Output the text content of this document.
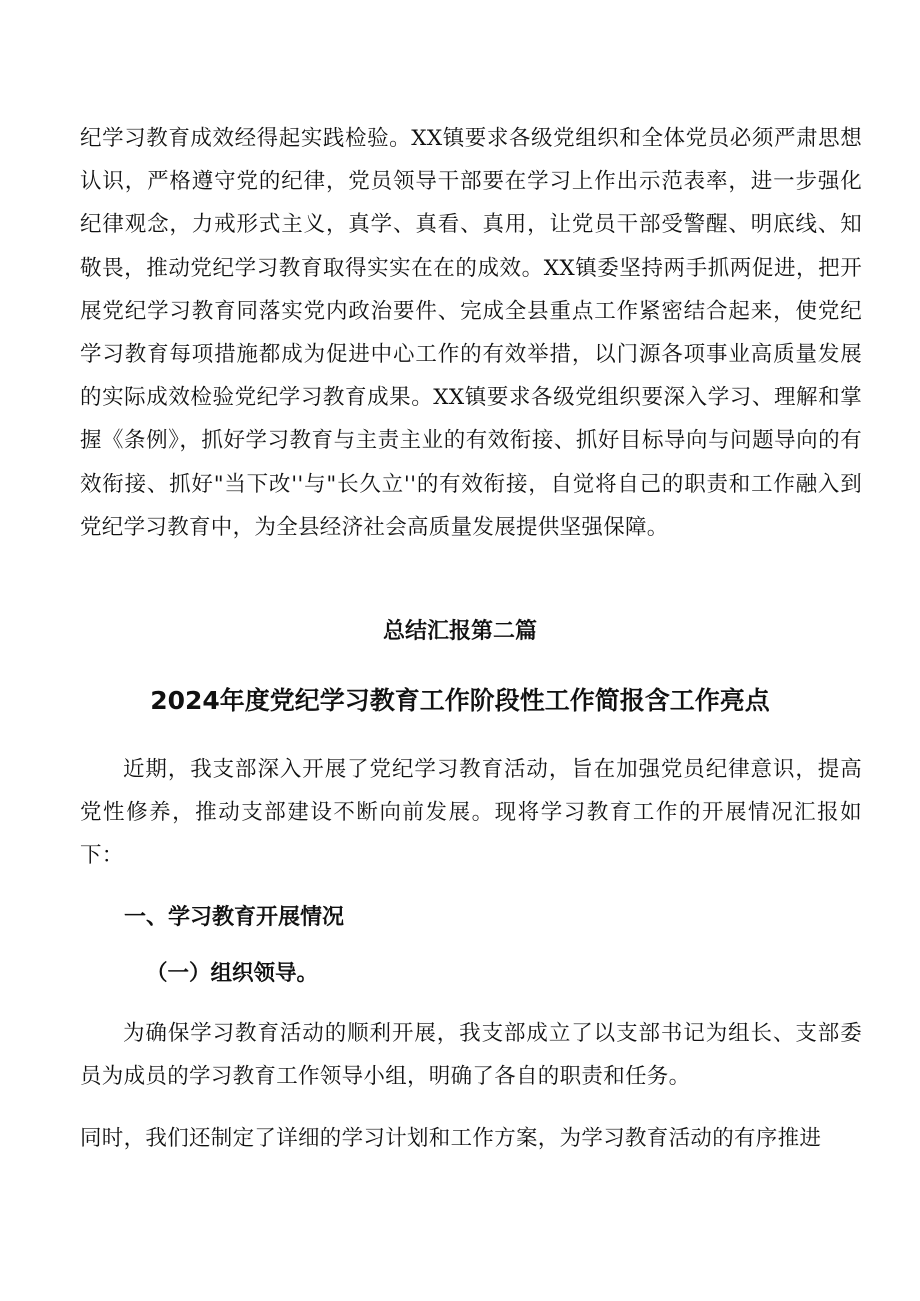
纪学习教育成效经得起实践检验。XX镇要求各级党组织和全体党员必须严肃思想认识，严格遵守党的纪律，党员领导干部要在学习上作出示范表率，进一步强化纪律观念，力戒形式主义，真学、真看、真用，让党员干部受警醒、明底线、知敬畏，推动党纪学习教育取得实实在在的成效。XX镇委坚持两手抓两促进，把开展党纪学习教育同落实党内政治要件、完成全县重点工作紧密结合起来，使党纪学习教育每项措施都成为促进中心工作的有效举措，以门源各项事业高质量发展的实际成效检验党纪学习教育成果。XX镇要求各级党组织要深入学习、理解和掌握《条例》，抓好学习教育与主责主业的有效衔接、抓好目标导向与问题导向的有效衔接、抓好"当下改''与"长久立''的有效衔接，自觉将自己的职责和工作融入到党纪学习教育中，为全县经济社会高质量发展提供坚强保障。

总结汇报第二篇
2024年度党纪学习教育工作阶段性工作简报含工作亮点

近期，我支部深入开展了党纪学习教育活动，旨在加强党员纪律意识，提高党性修养，推动支部建设不断向前发展。现将学习教育工作的开展情况汇报如下：

一、学习教育开展情况
（一）组织领导。

为确保学习教育活动的顺利开展，我支部成立了以支部书记为组长、支部委员为成员的学习教育工作领导小组，明确了各自的职责和任务。

同时，我们还制定了详细的学习计划和工作方案，为学习教育活动的有序推进
